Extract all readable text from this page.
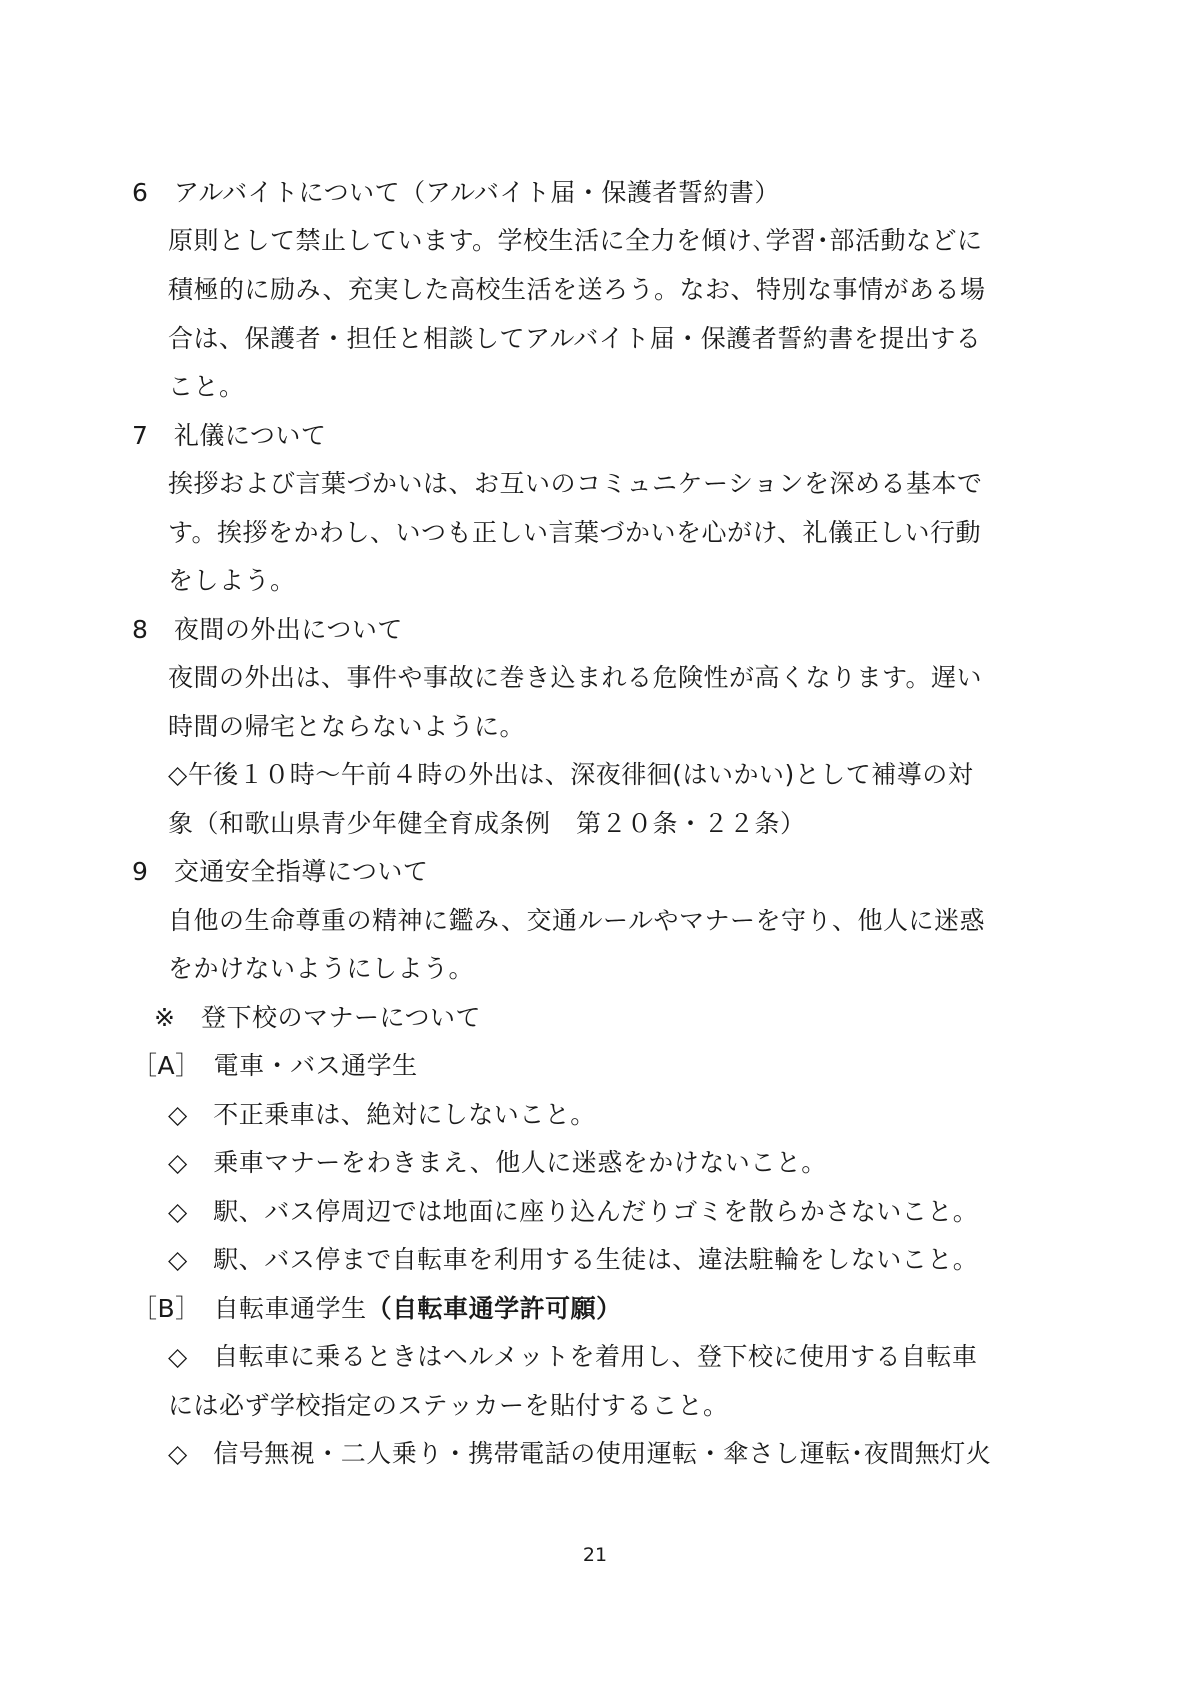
6　アルバイトについて（アルバイト届・保護者誓約書）
原則として禁止しています。学校生活に全力を傾け､学習･部活動などに
積極的に励み、充実した高校生活を送ろう。なお、特別な事情がある場
合は、保護者・担任と相談してアルバイト届・保護者誓約書を提出する
こと。
7　礼儀について
挨拶および言葉づかいは、お互いのコミュニケーションを深める基本で
す。挨拶をかわし、いつも正しい言葉づかいを心がけ、礼儀正しい行動
をしよう。
8　夜間の外出について
夜間の外出は、事件や事故に巻き込まれる危険性が高くなります。遅い
時間の帰宅とならないように。
◇午後１０時～午前４時の外出は、深夜徘徊(はいかい)として補導の対
象（和歌山県青少年健全育成条例　第２０条・２２条）
9　交通安全指導について
自他の生命尊重の精神に鑑み、交通ルールやマナーを守り、他人に迷惑
をかけないようにしよう。
※　登下校のマナーについて
［A］　電車・バス通学生
◇　不正乗車は、絶対にしないこと。
◇　乗車マナーをわきまえ、他人に迷惑をかけないこと。
◇　駅、バス停周辺では地面に座り込んだりゴミを散らかさないこと。
◇　駅、バス停まで自転車を利用する生徒は、違法駐輪をしないこと。
［B］　自転車通学生（自転車通学許可願）
◇　自転車に乗るときはヘルメットを着用し、登下校に使用する自転車
には必ず学校指定のステッカーを貼付すること。
◇　信号無視・二人乗り・携帯電話の使用運転・傘さし運転･夜間無灯火
21
